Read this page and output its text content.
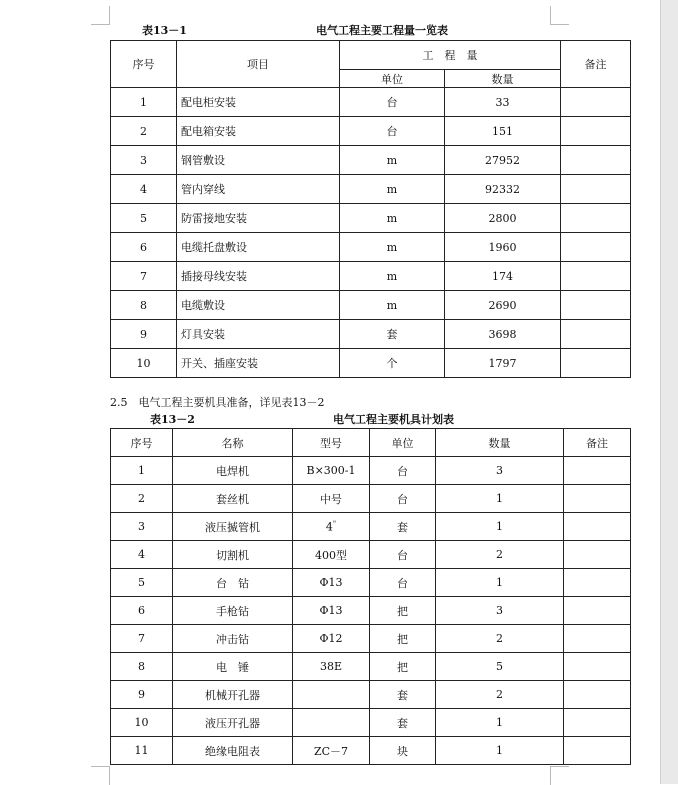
表13－1	电气工程主要工程量一览表
序号	项目	工　程　量		备注
		单位	数量	
1	配电柜安装	台	33	
2	配电箱安装	台	151	
3	钢管敷设	m	27952	
4	管内穿线	m	92332	
5	防雷接地安装	m	2800	
6	电缆托盘敷设	m	1960	
7	插接母线安装	m	174	
8	电缆敷设	m	2690	
9	灯具安装	套	3698	
10	开关、插座安装	个	1797	
2.5　电气工程主要机具准备，详见表13－2
表13－2	电气工程主要机具计划表
序号	名称	型号	单位	数量	备注
1	电焊机	B×300-1	台	3	
2	套丝机	中号	台	1	
3	液压揻管机	4"	套	1	
4	切割机	400型	台	2	
5	台　钻	Φ13	台	1	
6	手枪钻	Φ13	把	3	
7	冲击钻	Φ12	把	2	
8	电　锤	38E	把	5	
9	机械开孔器		套	2	
10	液压开孔器		套	1	
11	绝缘电阻表	ZC－7	块	1	
